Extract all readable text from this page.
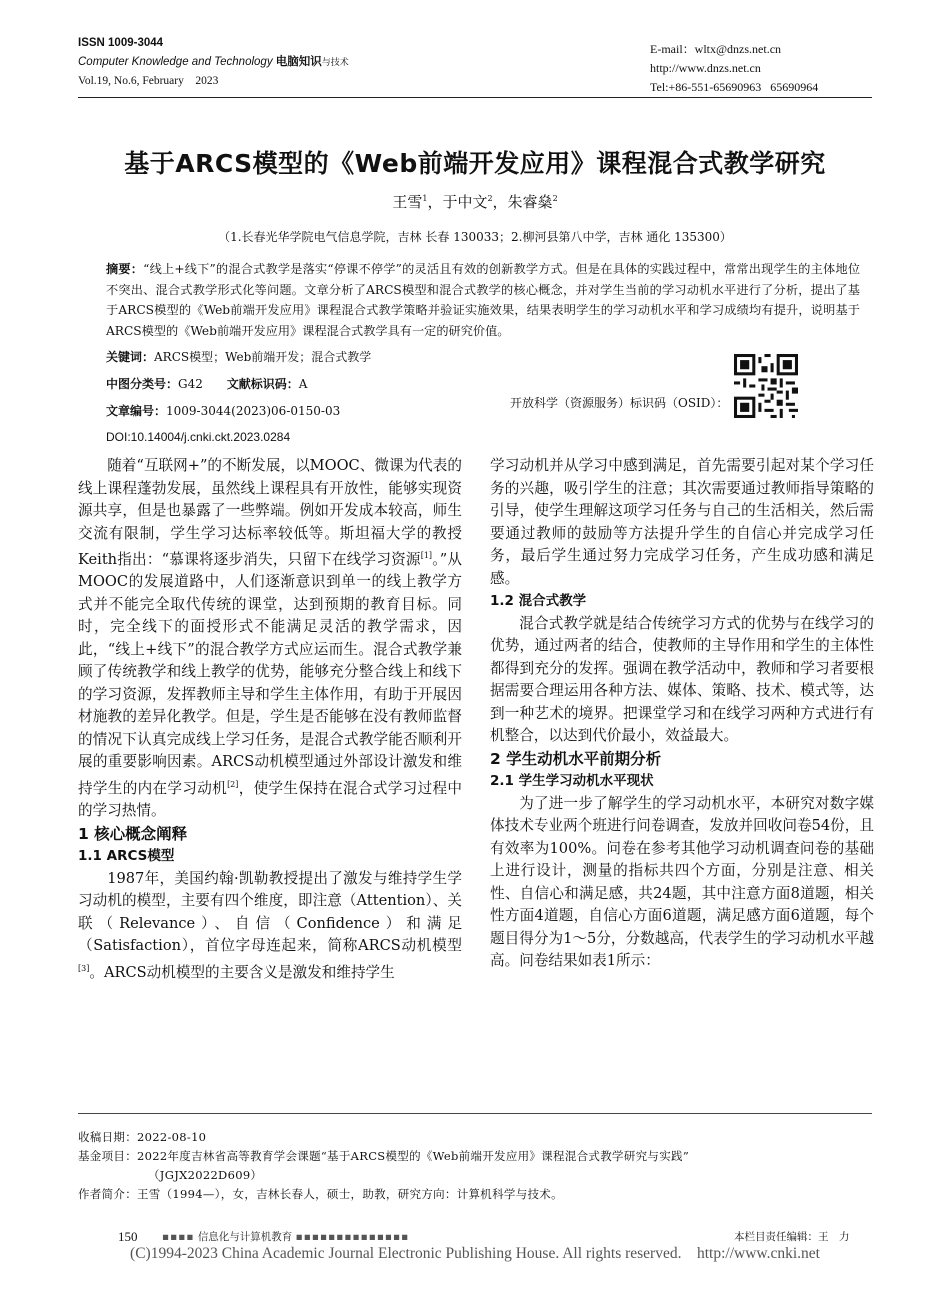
ISSN 1009-3044
Computer Knowledge and Technology 电脑知识与技术
Vol.19, No.6, February    2023
E-mail：wltx@dnzs.net.cn
http://www.dnzs.net.cn
Tel:+86-551-65690963   65690964
基于ARCS模型的《Web前端开发应用》课程混合式教学研究
王雪$^1$，于中文$^2$，朱睿燊$^2$
（1.长春光华学院电气信息学院，吉林 长春 130033；2.柳河县第八中学，吉林 通化 135300）
摘要：“线上+线下”的混合式教学是落实“停课不停学”的灵活且有效的创新教学方式。但是在具体的实践过程中，常常出现学生的主体地位不突出、混合式教学形式化等问题。文章分析了ARCS模型和混合式教学的核心概念，并对学生当前的学习动机水平进行了分析，提出了基于ARCS模型的《Web前端开发应用》课程混合式教学策略并验证实施效果，结果表明学生的学习动机水平和学习成绩均有提升，说明基于ARCS模型的《Web前端开发应用》课程混合式教学具有一定的研究价值。
关键词：ARCS模型；Web前端开发；混合式教学
中图分类号：G42 文献标识码：A
文章编号：1009-3044(2023)06-0150-03
DOI:10.14004/j.cnki.ckt.2023.0284
开放科学（资源服务）标识码（OSID）：

随着“互联网+”的不断发展，以MOOC、微课为代表的线上课程蓬勃发展，虽然线上课程具有开放性，能够实现资源共享，但是也暴露了一些弊端。例如开发成本较高，师生交流有限制，学生学习达标率较低等。斯坦福大学的教授Keith指出：“慕课将逐步消失，只留下在线学习资源[1]。”从MOOC的发展道路中，人们逐渐意识到单一的线上教学方式并不能完全取代传统的课堂，达到预期的教育目标。同时，完全线下的面授形式不能满足灵活的教学需求，因此，“线上+线下”的混合教学方式应运而生。混合式教学兼顾了传统教学和线上教学的优势，能够充分整合线上和线下的学习资源，发挥教师主导和学生主体作用，有助于开展因材施教的差异化教学。但是，学生是否能够在没有教师监督的情况下认真完成线上学习任务，是混合式教学能否顺利开展的重要影响因素。ARCS动机模型通过外部设计激发和维持学生的内在学习动机[2]，使学生保持在混合式学习过程中的学习热情。

1 核心概念阐释

1.1 ARCS模型

1987年，美国约翰·凯勒教授提出了激发与维持学生学习动机的模型，主要有四个维度，即注意（Attention）、关联（Relevance）、自信（Confidence）和满足（Satisfaction），首位字母连起来，简称ARCS动机模型[3]。ARCS动机模型的主要含义是激发和维持学生

学习动机并从学习中感到满足，首先需要引起对某个学习任务的兴趣，吸引学生的注意；其次需要通过教师指导策略的引导，使学生理解这项学习任务与自己的生活相关，然后需要通过教师的鼓励等方法提升学生的自信心并完成学习任务，最后学生通过努力完成学习任务，产生成功感和满足感。

1.2 混合式教学

混合式教学就是结合传统学习方式的优势与在线学习的优势，通过两者的结合，使教师的主导作用和学生的主体性都得到充分的发挥。强调在教学活动中，教师和学习者要根据需要合理运用各种方法、媒体、策略、技术、模式等，达到一种艺术的境界。把课堂学习和在线学习两种方式进行有机整合，以达到代价最小，效益最大。

2 学生动机水平前期分析

2.1 学生学习动机水平现状

为了进一步了解学生的学习动机水平，本研究对数字媒体技术专业两个班进行问卷调查，发放并回收问卷54份，且有效率为100%。问卷在参考其他学习动机调查问卷的基础上进行设计，测量的指标共四个方面，分别是注意、相关性、自信心和满足感，共24题，其中注意方面8道题，相关性方面4道题，自信心方面6道题，满足感方面6道题，每个题目得分为1～5分，分数越高，代表学生的学习动机水平越高。问卷结果如表1所示：

收稿日期：2022-08-10
基金项目：2022年度吉林省高等教育学会课题“基于ARCS模型的《Web前端开发应用》课程混合式教学研究与实践”
（JGJX2022D609）
作者简介：王雪（1994—），女，吉林长春人，硕士，助教，研究方向：计算机科学与技术。
150 ▪▪▪▪ 信息化与计算机教育 ▪▪▪▪▪▪▪▪▪▪▪▪▪▪	本栏目责任编辑：王　力
(C)1994-2023 China Academic Journal Electronic Publishing House. All rights reserved.    http://www.cnki.net
